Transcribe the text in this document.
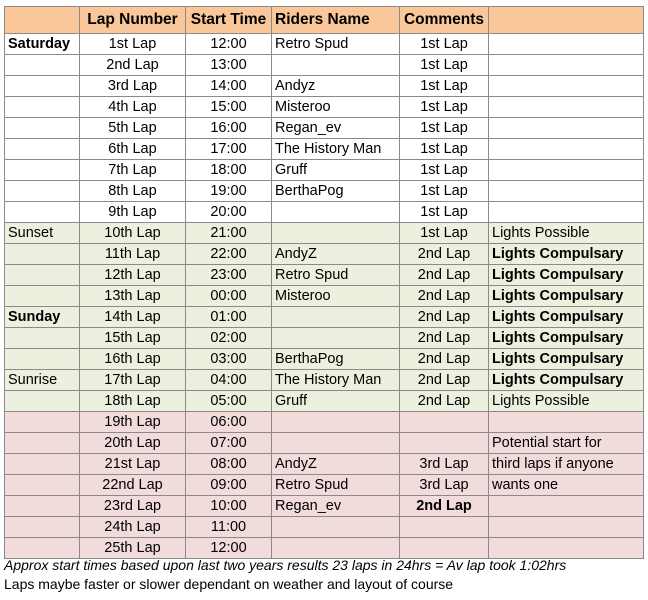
	Lap Number	Start Time	Riders Name	Comments	
Saturday	1st Lap	12:00	Retro Spud	1st Lap	
	2nd Lap	13:00		1st Lap	
	3rd Lap	14:00	Andyz	1st Lap	
	4th Lap	15:00	Misteroo	1st Lap	
	5th Lap	16:00	Regan_ev	1st Lap	
	6th Lap	17:00	The History Man	1st Lap	
	7th Lap	18:00	Gruff	1st Lap	
	8th Lap	19:00	BerthaPog	1st Lap	
	9th Lap	20:00		1st Lap	
Sunset	10th Lap	21:00		1st Lap	Lights Possible
	11th Lap	22:00	AndyZ	2nd Lap	Lights Compulsary
	12th Lap	23:00	Retro Spud	2nd Lap	Lights Compulsary
	13th Lap	00:00	Misteroo	2nd Lap	Lights Compulsary
Sunday	14th Lap	01:00		2nd Lap	Lights Compulsary
	15th Lap	02:00		2nd Lap	Lights Compulsary
	16th Lap	03:00	BerthaPog	2nd Lap	Lights Compulsary
Sunrise	17th Lap	04:00	The History Man	2nd Lap	Lights Compulsary
	18th Lap	05:00	Gruff	2nd Lap	Lights Possible
	19th Lap	06:00			
	20th Lap	07:00			Potential start for
	21st Lap	08:00	AndyZ	3rd Lap	third laps if anyone
	22nd Lap	09:00	Retro Spud	3rd Lap	wants one
	23rd Lap	10:00	Regan_ev	2nd Lap	
	24th Lap	11:00			
	25th Lap	12:00			
Approx start times based upon last two years results 23 laps in 24hrs = Av lap took 1:02hrs
Laps maybe faster or slower dependant on weather and layout of course
